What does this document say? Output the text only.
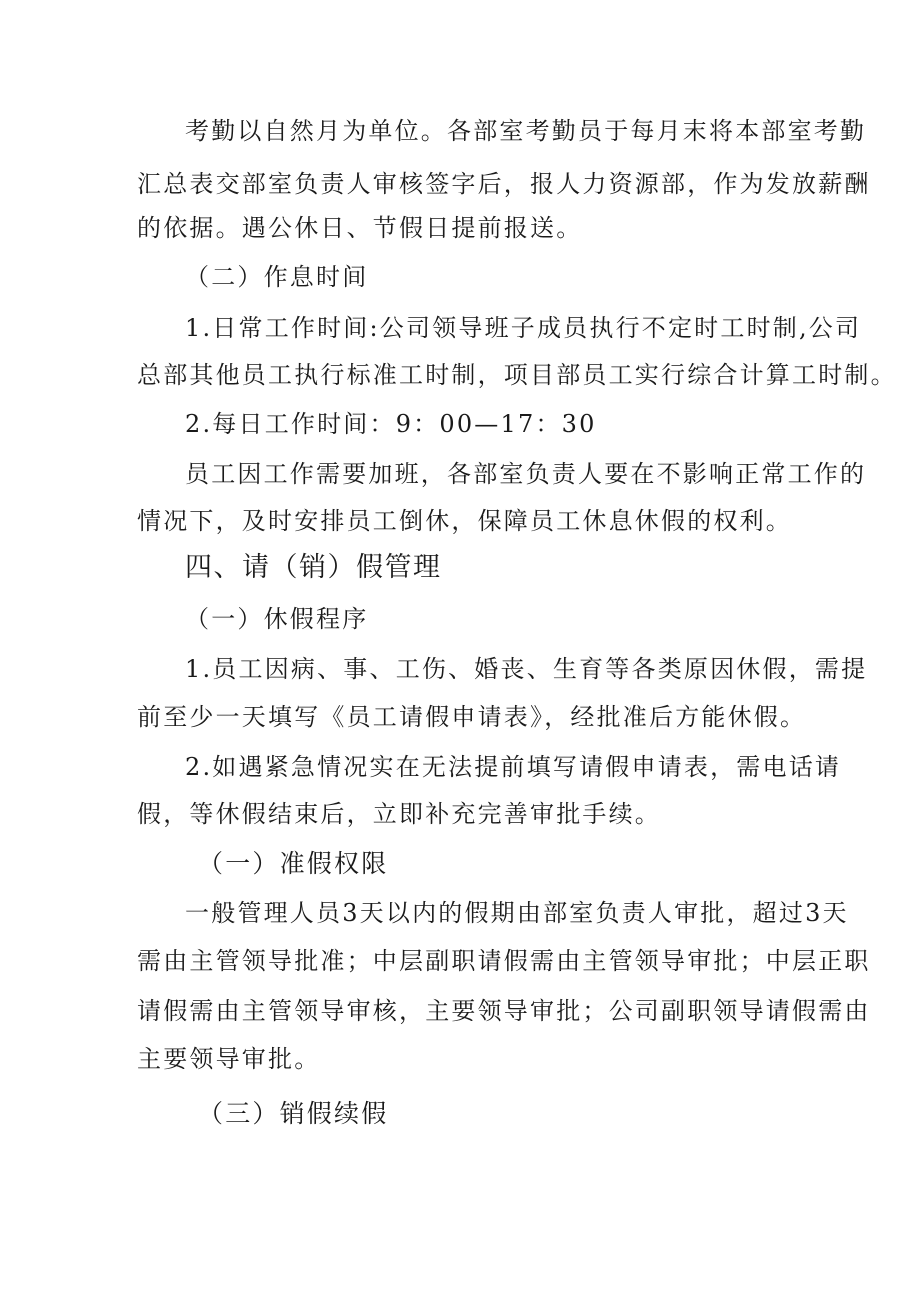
考勤以自然月为单位。各部室考勤员于每月末将本部室考勤
汇总表交部室负责人审核签字后，报人力资源部，作为发放薪酬
的依据。遇公休日、节假日提前报送。
（二）作息时间
1.日常工作时间:公司领导班子成员执行不定时工时制,公司
总部其他员工执行标准工时制，项目部员工实行综合计算工时制。
2.每日工作时间：9：00—17：30
员工因工作需要加班，各部室负责人要在不影响正常工作的
情况下，及时安排员工倒休，保障员工休息休假的权利。
四、请（销）假管理
（一）休假程序
1.员工因病、事、工伤、婚丧、生育等各类原因休假，需提
前至少一天填写《员工请假申请表》，经批准后方能休假。
2.如遇紧急情况实在无法提前填写请假申请表，需电话请
假，等休假结束后，立即补充完善审批手续。
（一）准假权限
一般管理人员3天以内的假期由部室负责人审批，超过3天
需由主管领导批准；中层副职请假需由主管领导审批；中层正职
请假需由主管领导审核，主要领导审批；公司副职领导请假需由
主要领导审批。
（三）销假续假
